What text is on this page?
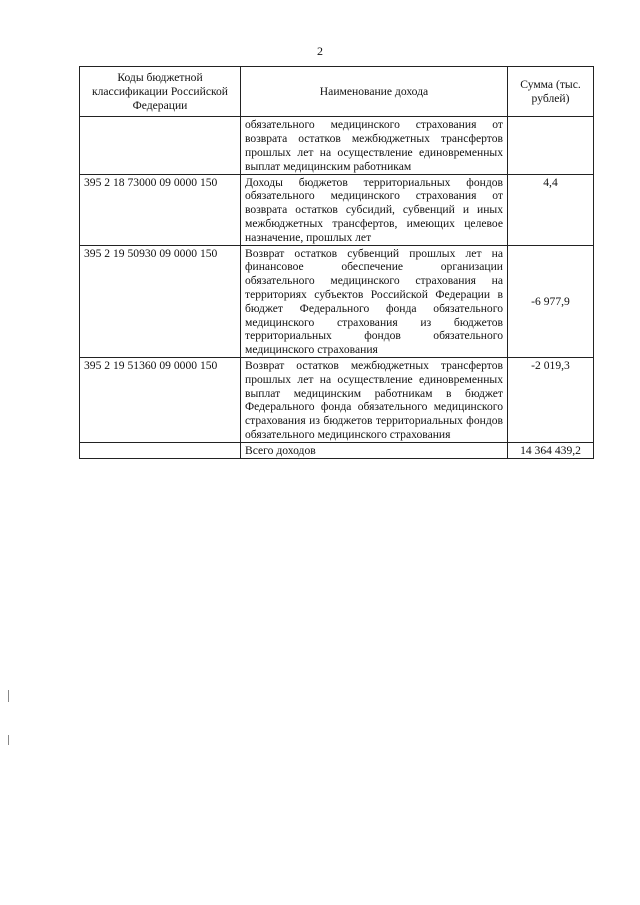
2
Коды бюджетной классификации Российской Федерации	Наименование дохода	Сумма (тыс. рублей)
	обязательного медицинского страхования от возврата остатков межбюджетных трансфертов прошлых лет на осуществление единовременных выплат медицинским работникам	
395 2 18 73000 09 0000 150	Доходы бюджетов территориальных фондов обязательного медицинского страхования от возврата остатков субсидий, субвенций и иных межбюджетных трансфертов, имеющих целевое назначение, прошлых лет	4,4
395 2 19 50930 09 0000 150	Возврат остатков субвенций прошлых лет на финансовое обеспечение организации обязательного медицинского страхования на территориях субъектов Российской Федерации в бюджет Федерального фонда обязательного медицинского страхования из бюджетов территориальных фондов обязательного медицинского страхования	-6 977,9
395 2 19 51360 09 0000 150	Возврат остатков межбюджетных трансфертов прошлых лет на осуществление единовременных выплат медицинским работникам в бюджет Федерального фонда обязательного медицинского страхования из бюджетов территориальных фондов обязательного медицинского страхования	-2 019,3
	Всего доходов	14 364 439,2
